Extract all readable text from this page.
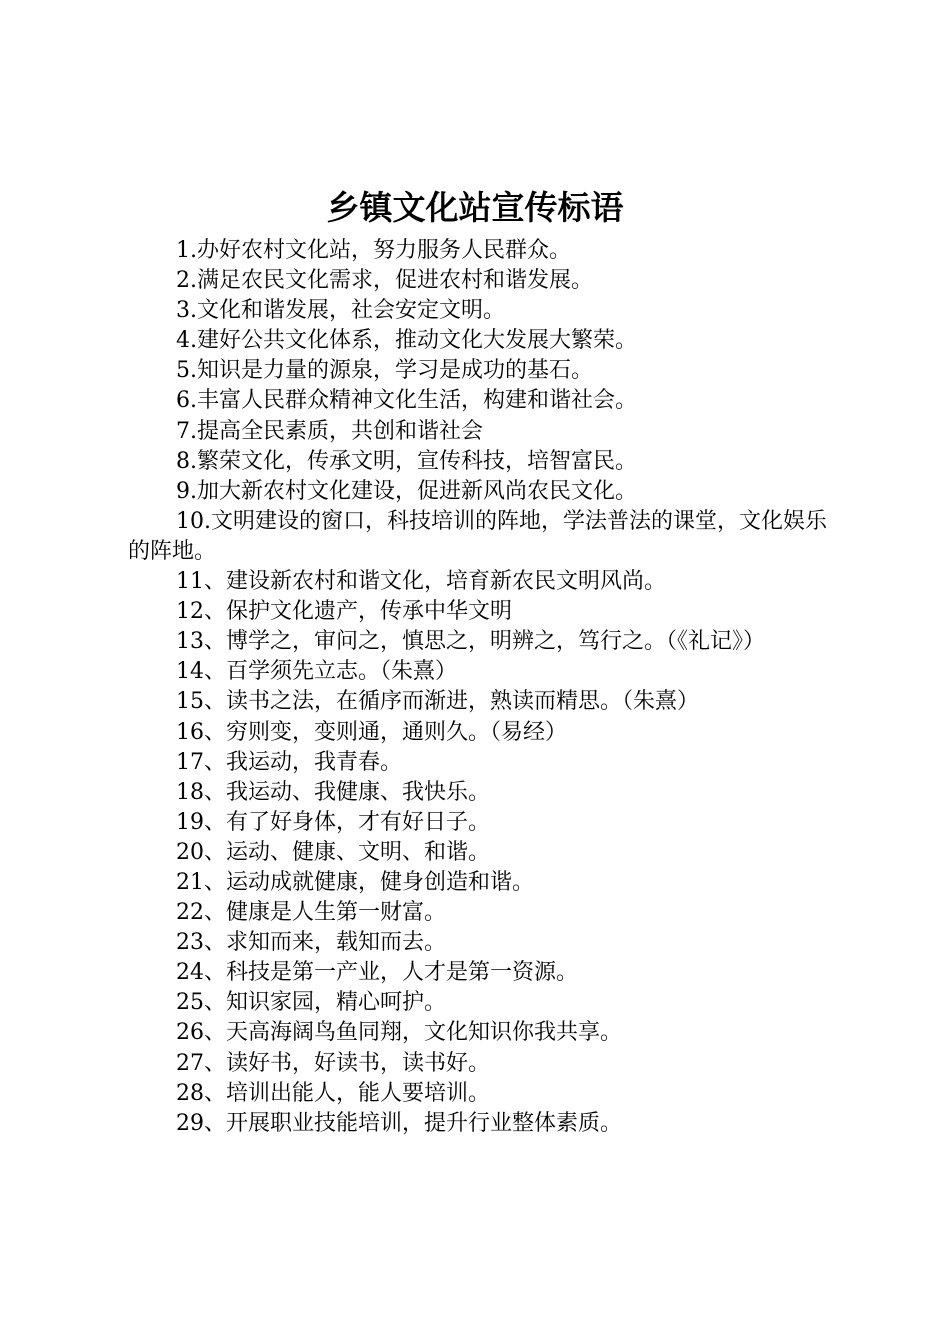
乡镇文化站宣传标语

1.办好农村文化站，努力服务人民群众。

2.满足农民文化需求，促进农村和谐发展。

3.文化和谐发展，社会安定文明。

4.建好公共文化体系，推动文化大发展大繁荣。

5.知识是力量的源泉，学习是成功的基石。

6.丰富人民群众精神文化生活，构建和谐社会。

7.提高全民素质，共创和谐社会

8.繁荣文化，传承文明，宣传科技，培智富民。

9.加大新农村文化建设，促进新风尚农民文化。

10.文明建设的窗口，科技培训的阵地，学法普法的课堂，文化娱乐的阵地。

11、建设新农村和谐文化，培育新农民文明风尚。

12、保护文化遗产，传承中华文明

13、博学之，审问之，慎思之，明辨之，笃行之。（《礼记》）

14、百学须先立志。（朱熹）

15、读书之法，在循序而渐进，熟读而精思。（朱熹）

16、穷则变，变则通，通则久。（易经）

17、我运动，我青春。

18、我运动、我健康、我快乐。

19、有了好身体，才有好日子。

20、运动、健康、文明、和谐。

21、运动成就健康，健身创造和谐。

22、健康是人生第一财富。

23、求知而来，载知而去。

24、科技是第一产业，人才是第一资源。

25、知识家园，精心呵护。

26、天高海阔鸟鱼同翔，文化知识你我共享。

27、读好书，好读书，读书好。

28、培训出能人，能人要培训。

29、开展职业技能培训，提升行业整体素质。
